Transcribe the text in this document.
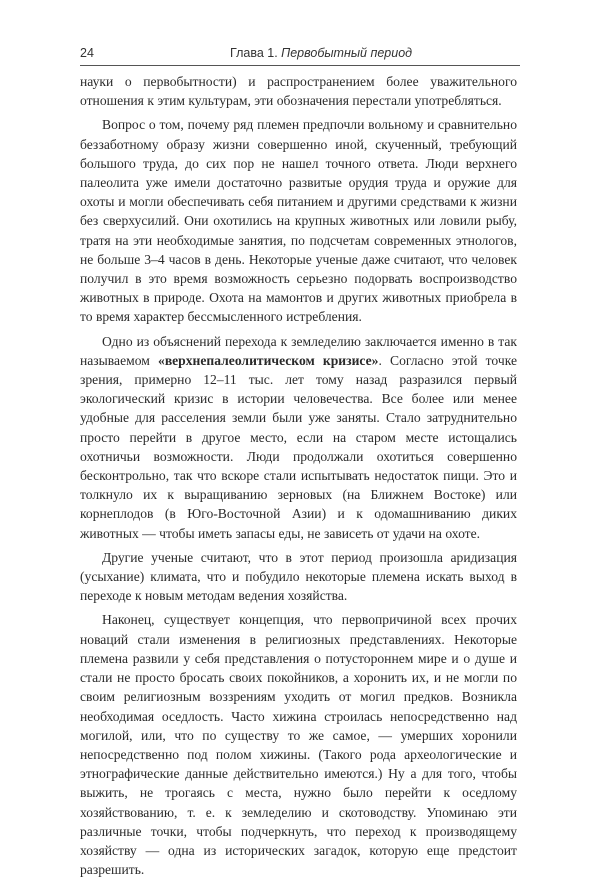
24	Глава 1. Первобытный период

науки о первобытности) и распространением более уважительного отношения к этим культурам, эти обозначения перестали употребляться.

Вопрос о том, почему ряд племен предпочли вольному и сравнительно беззаботному образу жизни совершенно иной, скученный, требующий большого труда, до сих пор не нашел точного ответа. Люди верхнего палеолита уже имели достаточно развитые орудия труда и оружие для охоты и могли обеспечивать себя питанием и другими средствами к жизни без сверхусилий. Они охотились на крупных животных или ловили рыбу, тратя на эти необходимые занятия, по подсчетам современных этнологов, не больше 3–4 часов в день. Некоторые ученые даже считают, что человек получил в это время возможность серьезно подорвать воспроизводство животных в природе. Охота на мамонтов и других животных приобрела в то время характер бессмысленного истребления.

Одно из объяснений перехода к земледелию заключается именно в так называемом «верхнепалеолитическом кризисе». Согласно этой точке зрения, примерно 12–11 тыс. лет тому назад разразился первый экологический кризис в истории человечества. Все более или менее удобные для расселения земли были уже заняты. Стало затруднительно просто перейти в другое место, если на старом месте истощались охотничьи возможности. Люди продолжали охотиться совершенно бесконтрольно, так что вскоре стали испытывать недостаток пищи. Это и толкнуло их к выращиванию зерновых (на Ближнем Востоке) или корнеплодов (в Юго-Восточной Азии) и к одомашниванию диких животных — чтобы иметь запасы еды, не зависеть от удачи на охоте.

Другие ученые считают, что в этот период произошла аридизация (усыхание) климата, что и побудило некоторые племена искать выход в переходе к новым методам ведения хозяйства.

Наконец, существует концепция, что первопричиной всех прочих новаций стали изменения в религиозных представлениях. Некоторые племена развили у себя представления о потустороннем мире и о душе и стали не просто бросать своих покойников, а хоронить их, и не могли по своим религиозным воззрениям уходить от могил предков. Возникла необходимая оседлость. Часто хижина строилась непосредственно над могилой, или, что по существу то же самое, — умерших хоронили непосредственно под полом хижины. (Такого рода археологические и этнографические данные действительно имеются.) Ну а для того, чтобы выжить, не трогаясь с места, нужно было перейти к оседлому хозяйствованию, т. е. к земледелию и скотоводству. Упоминаю эти различные точки, чтобы подчеркнуть, что переход к производящему хозяйству — одна из исторических загадок, которую еще предстоит разрешить.
